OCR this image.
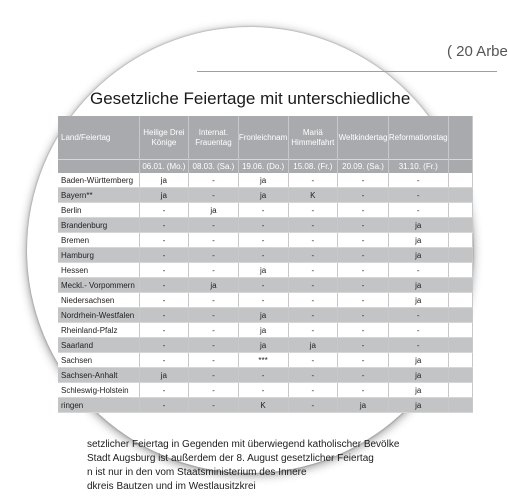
( 20 Arbe
Gesetzliche Feiertage mit unterschiedliche
Land/Feiertag	Heilige Drei Könige	Internat. Frauentag	Fronleichnam	Mariä Himmelfahrt	Weltkindertag	Reformationstag	
	06.01. (Mo.)	08.03. (Sa.)	19.06. (Do.)	15.08. (Fr.)	20.09. (Sa.)	31.10. (Fr.)	
Baden-Württemberg	ja	-	ja	-	-	-	
Bayern**	ja	-	ja	K	-	-	
Berlin	-	ja	-	-	-	-	
Brandenburg	-	-	-	-	-	ja	
Bremen	-	-	-	-	-	ja	
Hamburg	-	-	-	-	-	ja	
Hessen	-	-	ja	-	-	-	
Meckl.- Vorpommern	-	ja	-	-	-	ja	
Niedersachsen	-	-	-	-	-	ja	
Nordrhein-Westfalen	-	-	ja	-	-	-	
Rheinland-Pfalz	-	-	ja	-	-	-	
Saarland	-	-	ja	ja	-	-	
Sachsen	-	-	***	-	-	ja	
Sachsen-Anhalt	ja	-	-	-	-	ja	
Schleswig-Holstein	-	-	-	-	-	ja	
ringen	-	-	K	-	ja	ja	
setzlicher Feiertag in Gegenden mit überwiegend katholischer Bevölke
Stadt Augsburg ist außerdem der 8. August gesetzlicher Feiertag
n ist nur in den vom Staatsministerium des Innere
dkreis Bautzen und im Westlausitzkrei
